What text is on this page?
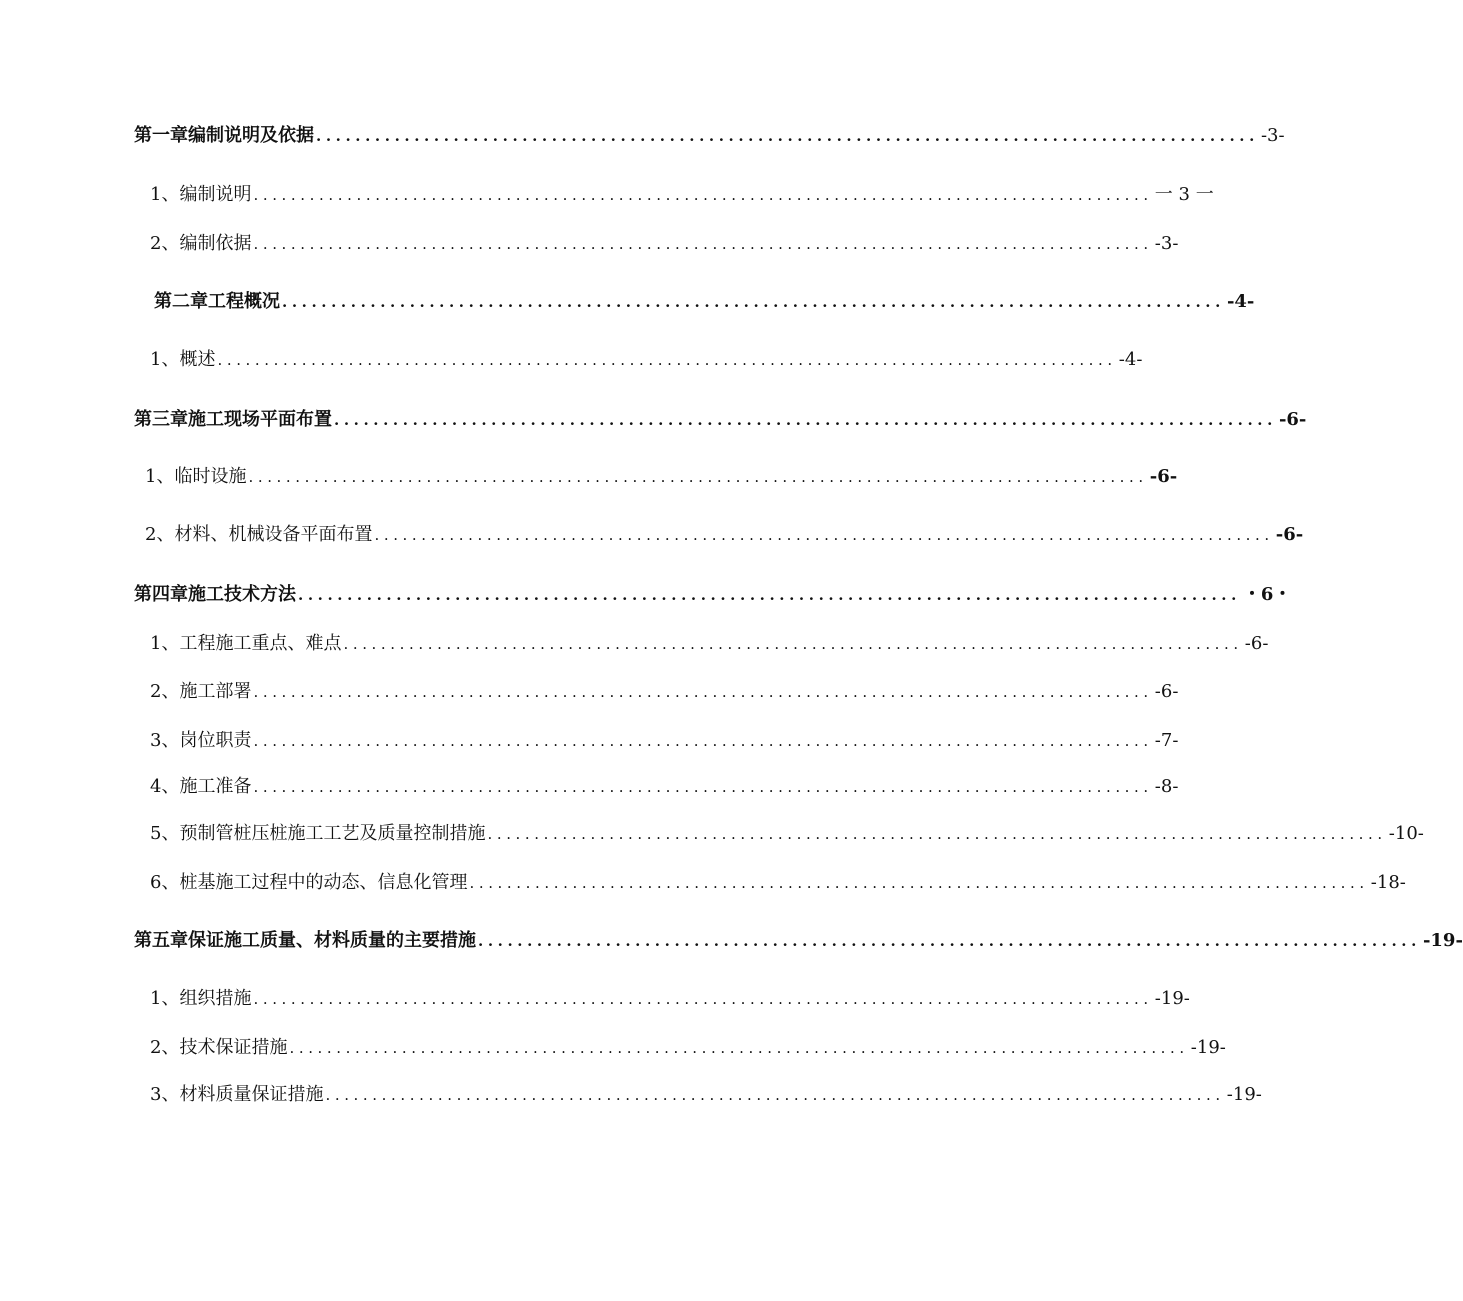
第一章编制说明及依据 ................................................................................................ -3-
1、编制说明 ................................................................................................ 一 3 一
2、编制依据 ................................................................................................ -3-
第二章工程概况 ................................................................................................ -4-
1、概述 ................................................................................................ -4-
第三章施工现场平面布置 ................................................................................................ -6-
1、临时设施 ................................................................................................ -6-
2、材料、机械设备平面布置 ................................................................................................ -6-
第四章施工技术方法 ................................................................................................ ・6・
1、工程施工重点、难点 ................................................................................................ -6-
2、施工部署 ................................................................................................ -6-
3、岗位职责 ................................................................................................ -7-
4、施工准备 ................................................................................................ -8-
5、预制管桩压桩施工工艺及质量控制措施 ................................................................................................ -10-
6、桩基施工过程中的动态、信息化管理 ................................................................................................ -18-
第五章保证施工质量、材料质量的主要措施 ................................................................................................ -19-
1、组织措施 ................................................................................................ -19-
2、技术保证措施 ................................................................................................ -19-
3、材料质量保证措施 ................................................................................................ -19-
